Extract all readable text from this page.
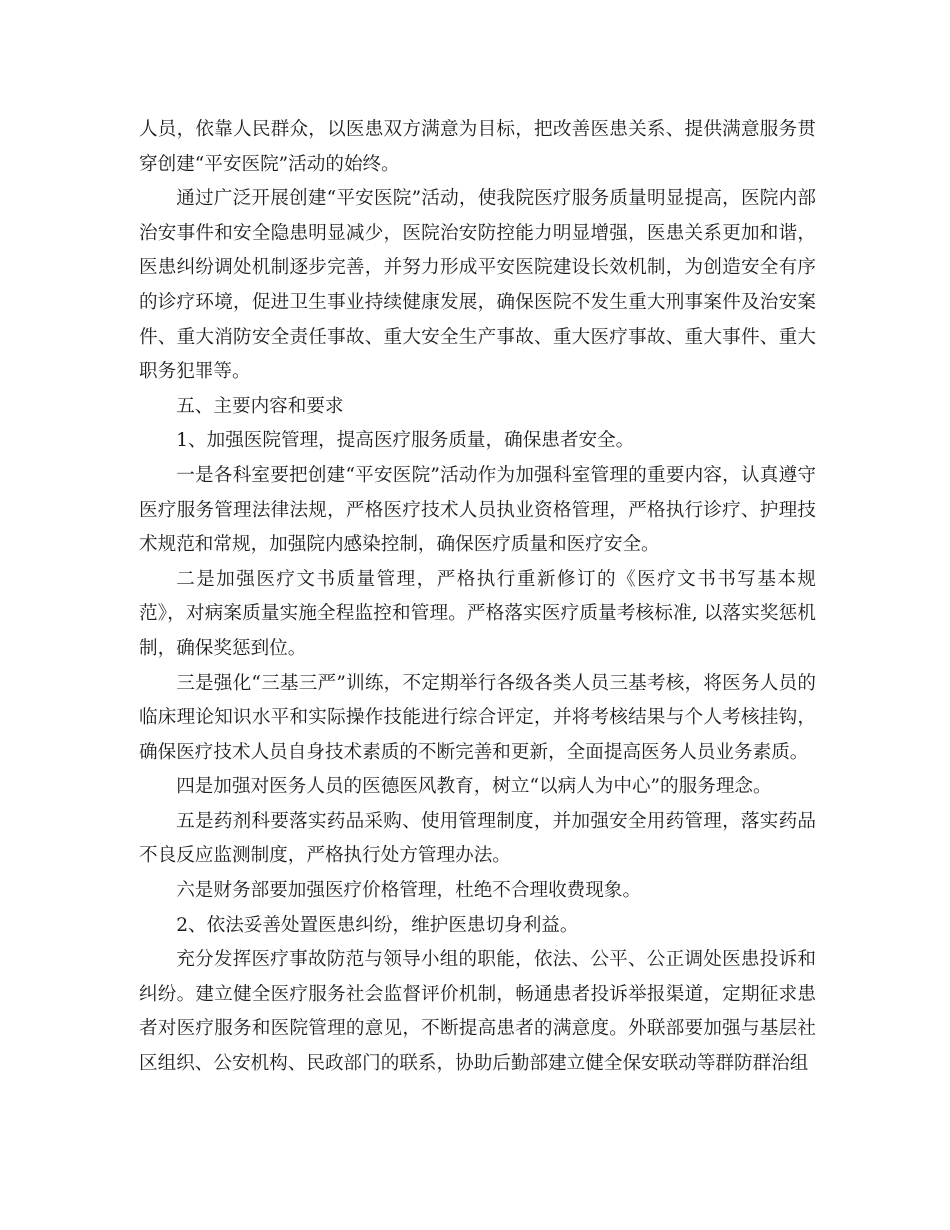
人员，依靠人民群众，以医患双方满意为目标，把改善医患关系、提供满意服务贯穿创建“平安医院”活动的始终。

通过广泛开展创建“平安医院”活动，使我院医疗服务质量明显提高，医院内部治安事件和安全隐患明显减少，医院治安防控能力明显增强，医患关系更加和谐，医患纠纷调处机制逐步完善，并努力形成平安医院建设长效机制，为创造安全有序的诊疗环境，促进卫生事业持续健康发展，确保医院不发生重大刑事案件及治安案件、重大消防安全责任事故、重大安全生产事故、重大医疗事故、重大事件、重大职务犯罪等。

五、主要内容和要求

1、加强医院管理，提高医疗服务质量，确保患者安全。

一是各科室要把创建“平安医院”活动作为加强科室管理的重要内容，认真遵守医疗服务管理法律法规，严格医疗技术人员执业资格管理，严格执行诊疗、护理技术规范和常规，加强院内感染控制，确保医疗质量和医疗安全。

二是加强医疗文书质量管理，严格执行重新修订的《医疗文书书写基本规范》，对病案质量实施全程监控和管理。严格落实医疗质量考核标准, 以落实奖惩机制，确保奖惩到位。

三是强化“三基三严”训练，不定期举行各级各类人员三基考核，将医务人员的临床理论知识水平和实际操作技能进行综合评定，并将考核结果与个人考核挂钩，确保医疗技术人员自身技术素质的不断完善和更新，全面提高医务人员业务素质。

四是加强对医务人员的医德医风教育，树立“以病人为中心”的服务理念。

五是药剂科要落实药品采购、使用管理制度，并加强安全用药管理，落实药品不良反应监测制度，严格执行处方管理办法。

六是财务部要加强医疗价格管理，杜绝不合理收费现象。

2、依法妥善处置医患纠纷，维护医患切身利益。

充分发挥医疗事故防范与领导小组的职能，依法、公平、公正调处医患投诉和纠纷。建立健全医疗服务社会监督评价机制，畅通患者投诉举报渠道，定期征求患者对医疗服务和医院管理的意见，不断提高患者的满意度。外联部要加强与基层社区组织、公安机构、民政部门的联系，协助后勤部建立健全保安联动等群防群治组
